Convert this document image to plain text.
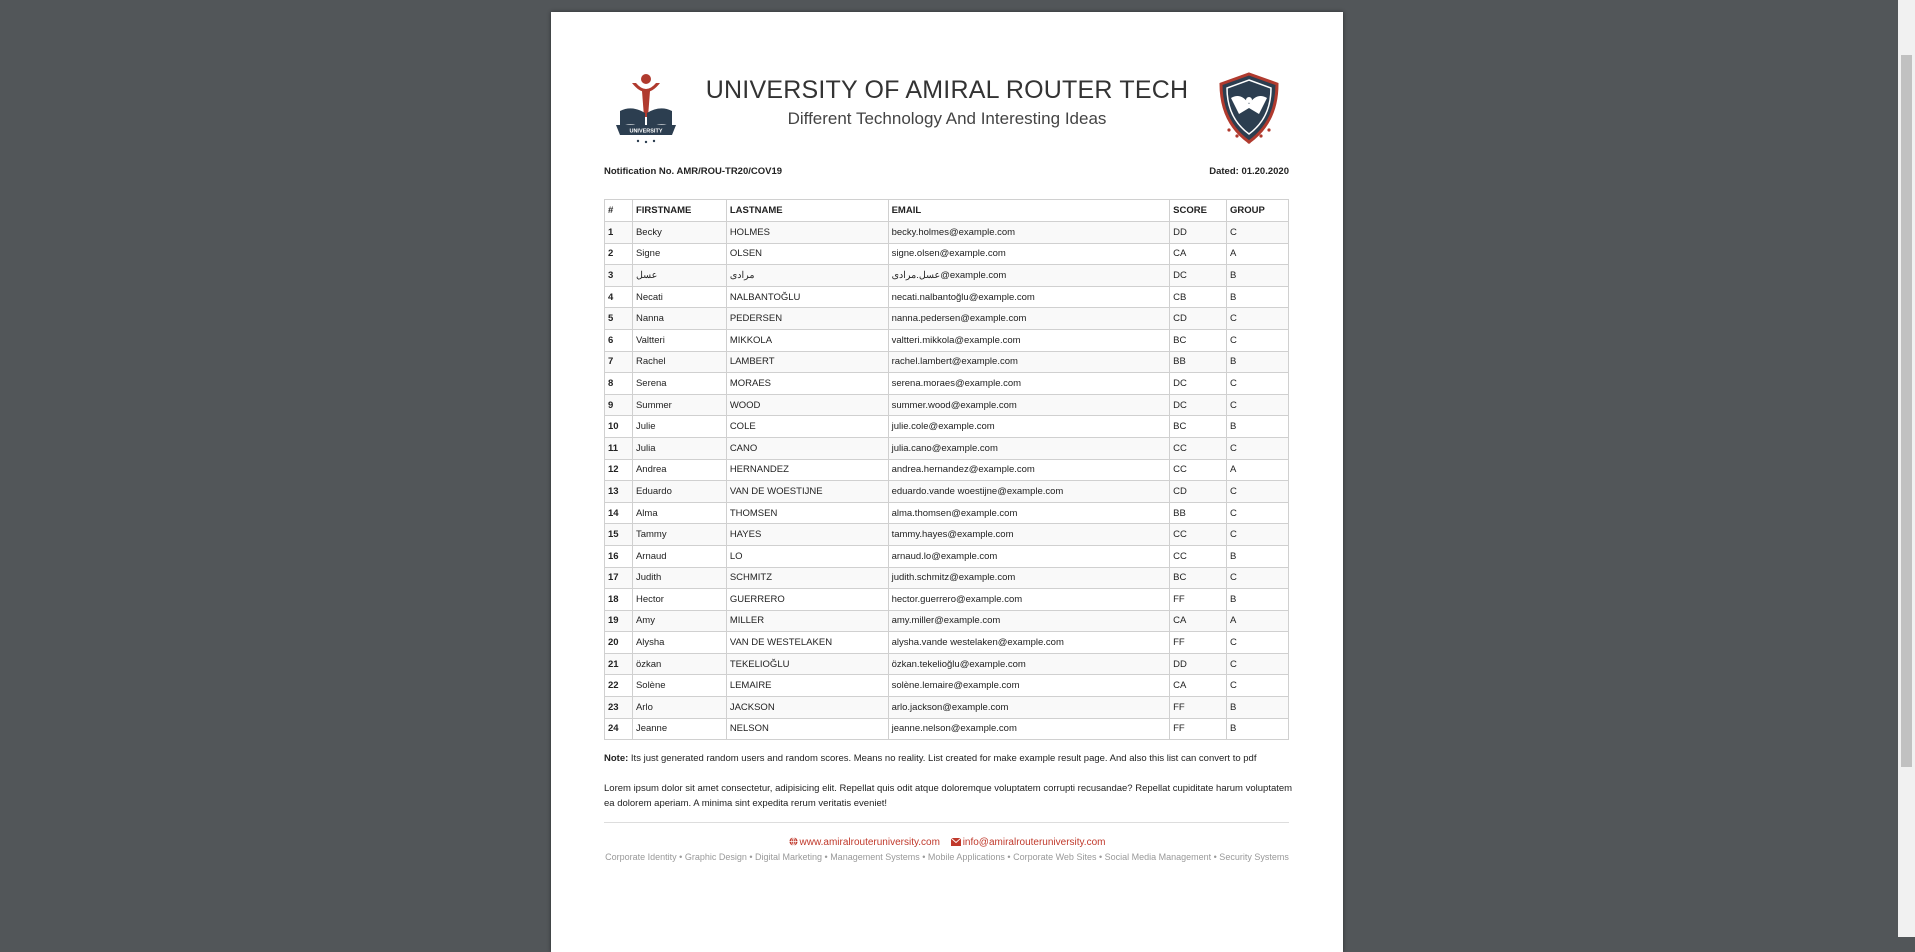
UNIVERSITY
UNIVERSITY OF AMIRAL ROUTER TECH
Different Technology And Interesting Ideas
Notification No. AMR/ROU-TR20/COV19	Dated: 01.20.2020
#	FIRSTNAME	LASTNAME	EMAIL	SCORE	GROUP
1	Becky	HOLMES	becky.holmes@example.com	DD	C
2	Signe	OLSEN	signe.olsen@example.com	CA	A
3	عسل	مرادی	عسل.مرادی@example.com	DC	B
4	Necati	NALBANTOĞLU	necati.nalbantoğlu@example.com	CB	B
5	Nanna	PEDERSEN	nanna.pedersen@example.com	CD	C
6	Valtteri	MIKKOLA	valtteri.mikkola@example.com	BC	C
7	Rachel	LAMBERT	rachel.lambert@example.com	BB	B
8	Serena	MORAES	serena.moraes@example.com	DC	C
9	Summer	WOOD	summer.wood@example.com	DC	C
10	Julie	COLE	julie.cole@example.com	BC	B
11	Julia	CANO	julia.cano@example.com	CC	C
12	Andrea	HERNANDEZ	andrea.hernandez@example.com	CC	A
13	Eduardo	VAN DE WOESTIJNE	eduardo.vande woestijne@example.com	CD	C
14	Alma	THOMSEN	alma.thomsen@example.com	BB	C
15	Tammy	HAYES	tammy.hayes@example.com	CC	C
16	Arnaud	LO	arnaud.lo@example.com	CC	B
17	Judith	SCHMITZ	judith.schmitz@example.com	BC	C
18	Hector	GUERRERO	hector.guerrero@example.com	FF	B
19	Amy	MILLER	amy.miller@example.com	CA	A
20	Alysha	VAN DE WESTELAKEN	alysha.vande westelaken@example.com	FF	C
21	özkan	TEKELIOĞLU	özkan.tekelioğlu@example.com	DD	C
22	Solène	LEMAIRE	solène.lemaire@example.com	CA	C
23	Arlo	JACKSON	arlo.jackson@example.com	FF	B
24	Jeanne	NELSON	jeanne.nelson@example.com	FF	B
Note: Its just generated random users and random scores. Means no reality. List created for make example result page. And also this list can convert to pdf
Lorem ipsum dolor sit amet consectetur, adipisicing elit. Repellat quis odit atque doloremque voluptatem corrupti recusandae? Repellat cupiditate harum voluptatem ea dolorem aperiam. A minima sint expedita rerum veritatis eveniet!
www.amiralrouteruniversity.com info@amiralrouteruniversity.com
Corporate Identity • Graphic Design • Digital Marketing • Management Systems • Mobile Applications • Corporate Web Sites • Social Media Management • Security Systems
